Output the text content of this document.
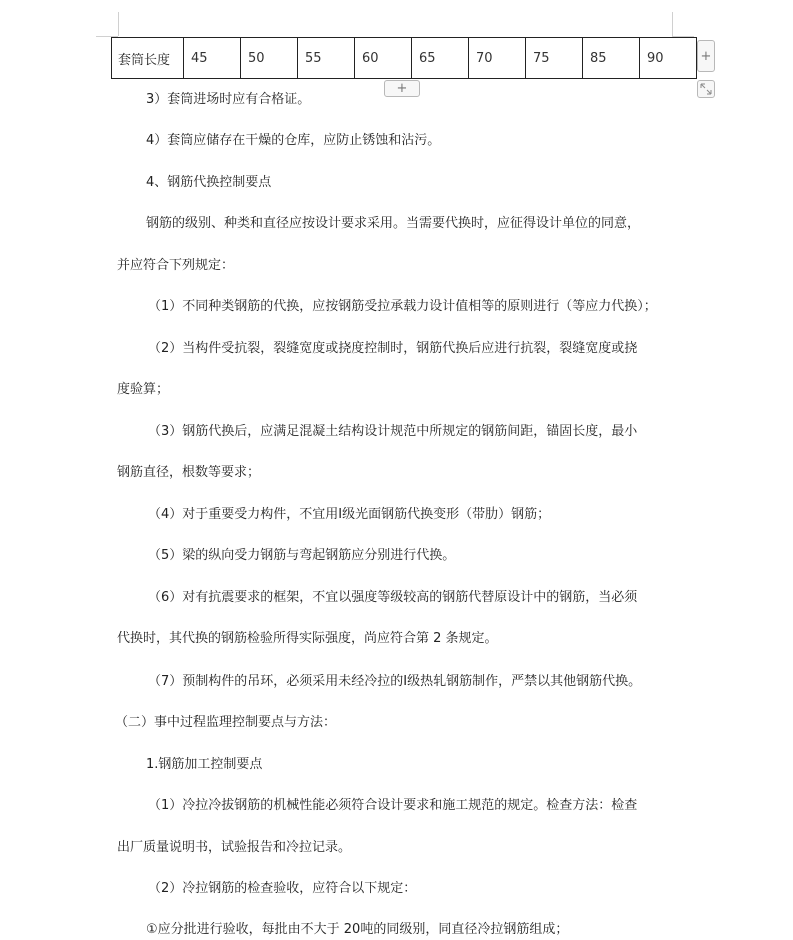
套筒长度	45	50	55	60	65	70	75	85	90	+
+
3）套筒进场时应有合格证。
4）套筒应储存在干燥的仓库，应防止锈蚀和沾污。
4、钢筋代换控制要点
钢筋的级别、种类和直径应按设计要求采用。当需要代换时，应征得设计单位的同意，
并应符合下列规定：
（1）不同种类钢筋的代换，应按钢筋受拉承载力设计值相等的原则进行（等应力代换）；
（2）当构件受抗裂，裂缝宽度或挠度控制时，钢筋代换后应进行抗裂，裂缝宽度或挠
度验算；
（3）钢筋代换后，应满足混凝土结构设计规范中所规定的钢筋间距，锚固长度，最小
钢筋直径，根数等要求；
（4）对于重要受力构件，不宜用Ⅰ级光面钢筋代换变形（带肋）钢筋；
（5）梁的纵向受力钢筋与弯起钢筋应分别进行代换。
（6）对有抗震要求的框架，不宜以强度等级较高的钢筋代替原设计中的钢筋，当必须
代换时，其代换的钢筋检验所得实际强度，尚应符合第 2 条规定。
（7）预制构件的吊环，必须采用未经冷拉的Ⅰ级热轧钢筋制作，严禁以其他钢筋代换。
（二）事中过程监理控制要点与方法：
1.钢筋加工控制要点
（1）冷拉冷拔钢筋的机械性能必须符合设计要求和施工规范的规定。检查方法：检查
出厂质量说明书，试验报告和冷拉记录。
（2）冷拉钢筋的检查验收，应符合以下规定：
①应分批进行验收，每批由不大于 20吨的同级别，同直径冷拉钢筋组成；
